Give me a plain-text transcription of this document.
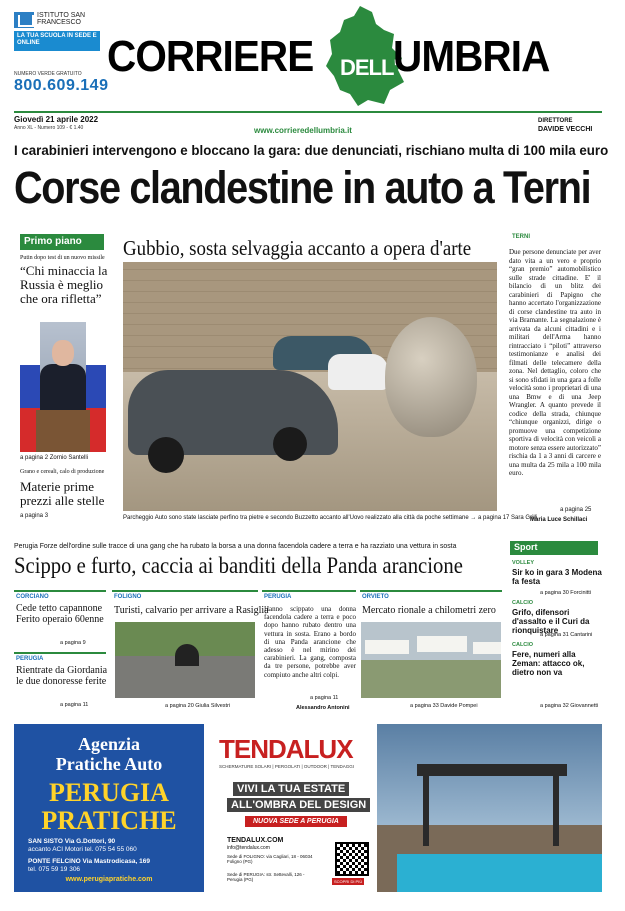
ISTITUTO SAN FRANCESCO
LA TUA SCUOLA IN SEDE E ONLINE
NUMERO VERDE GRATUITO
800.609.149
CORRIERE DELL'
UMBRIA
Giovedì 21 aprile 2022
Anno XL - Numero 109 - € 1.40	www.corrieredellumbria.it
DIRETTORE
DAVIDE VECCHI
I carabinieri intervengono e bloccano la gara: due denunciati, rischiano multa di 100 mila euro
Corse clandestine in auto a Terni
Primo piano
Putin dopo test di un nuovo missile
“Chi minaccia la Russia è meglio che ora rifletta”
a pagina 2 Zornio Santelli
Grano e cereali, calo di produzione
Materie prime prezzi alle stelle
a pagina 3
Gubbio, sosta selvaggia accanto a opera d'arte
Parcheggio Auto sono state lasciate perfino tra pietre e secondo Buzzetto accanto all'Uovo realizzato alla città da poche settimane → a pagina 17 Sara Grilli
TERNI
Due persone denunciate per aver dato vita a un vero e proprio “gran premio” automobilistico sulle strade cittadine. E' il bilancio di un blitz dei carabinieri di Papigno che hanno accertato l'organizzazione di corse clandestine tra auto in via Bramante. La segnalazione è arrivata da alcuni cittadini e i militari dell'Arma hanno rintracciato i “piloti” attraverso testimonianze e analisi dei filmati delle telecamere della zona. Nel dettaglio, coloro che si sono sfidati in una gara a folle velocità sono i proprietari di una una Bmw e di una Jeep Wrangler. A quanto prevede il codice della strada, chiunque “chiunque organizzi, dirige o promuove una competizione sportiva di velocità con veicoli a motore senza essere autorizzato” rischia da 1 a 3 anni di carcere e una multa da 25 mila a 100 mila euro.
a pagina 25
Maria Luce Schillaci
Perugia Forze dell'ordine sulle tracce di una gang che ha rubato la borsa a una donna facendola cadere a terra e ha razziato una vettura in sosta
Scippo e furto, caccia ai banditi della Panda arancione
CORCIANO
Cede tetto capannone Ferito operaio 60enne
a pagina 9
PERUGIA
Rientrate da Giordania le due donoresse ferite
a pagina 11
FOLIGNO
Turisti, calvario per arrivare a Rasiglia
a pagina 20 Giulia Silvestri
PERUGIA
Hanno scippato una donna facendola cadere a terra e poco dopo hanno rubato dentro una vettura in sosta. Erano a bordo di una Panda arancione che adesso è nel mirino dei carabinieri. La gang, composta da tre persone, potrebbe aver compiuto anche altri colpi.
a pagina 11
Alessandro Antonini
ORVIETO
Mercato rionale a chilometri zero
a pagina 33 Davide Pompei
Sport
VOLLEY
Sir ko in gara 3 Modena fa festa
a pagina 30 Forcinitti
CALCIO
Grifo, difensori d'assalto e il Curi da rionquistare
a pagina 31 Cantarini
CALCIO
Fere, numeri alla Zeman: attacco ok, dietro non va
a pagina 32 Giovannetti
Agenzia
Pratiche Auto
PERUGIA
PRATICHE
SAN SISTO Via G.Dottori, 90
accanto ACI Motori tel. 075 54 55 060
PONTE FELCINO Via Mastrodicasa, 169
tel. 075 59 19 306
www.perugiapratiche.com
TENDALUX
SCHERMATURE SOLARI | PERGOLATI | OUTDOOR | TENDAGGI
VIVI LA TUA ESTATE
ALL'OMBRA DEL DESIGN
NUOVA SEDE A PERUGIA
TENDALUX.COM
info@tendalux.com
Sede di FOLIGNO: via Cagliari, 18 - 06034 Foligno (PG)
Sede di PERUGIA: str. Settevalli, 126 - Perugia (PG)	SCOPRI DI PIÙ
